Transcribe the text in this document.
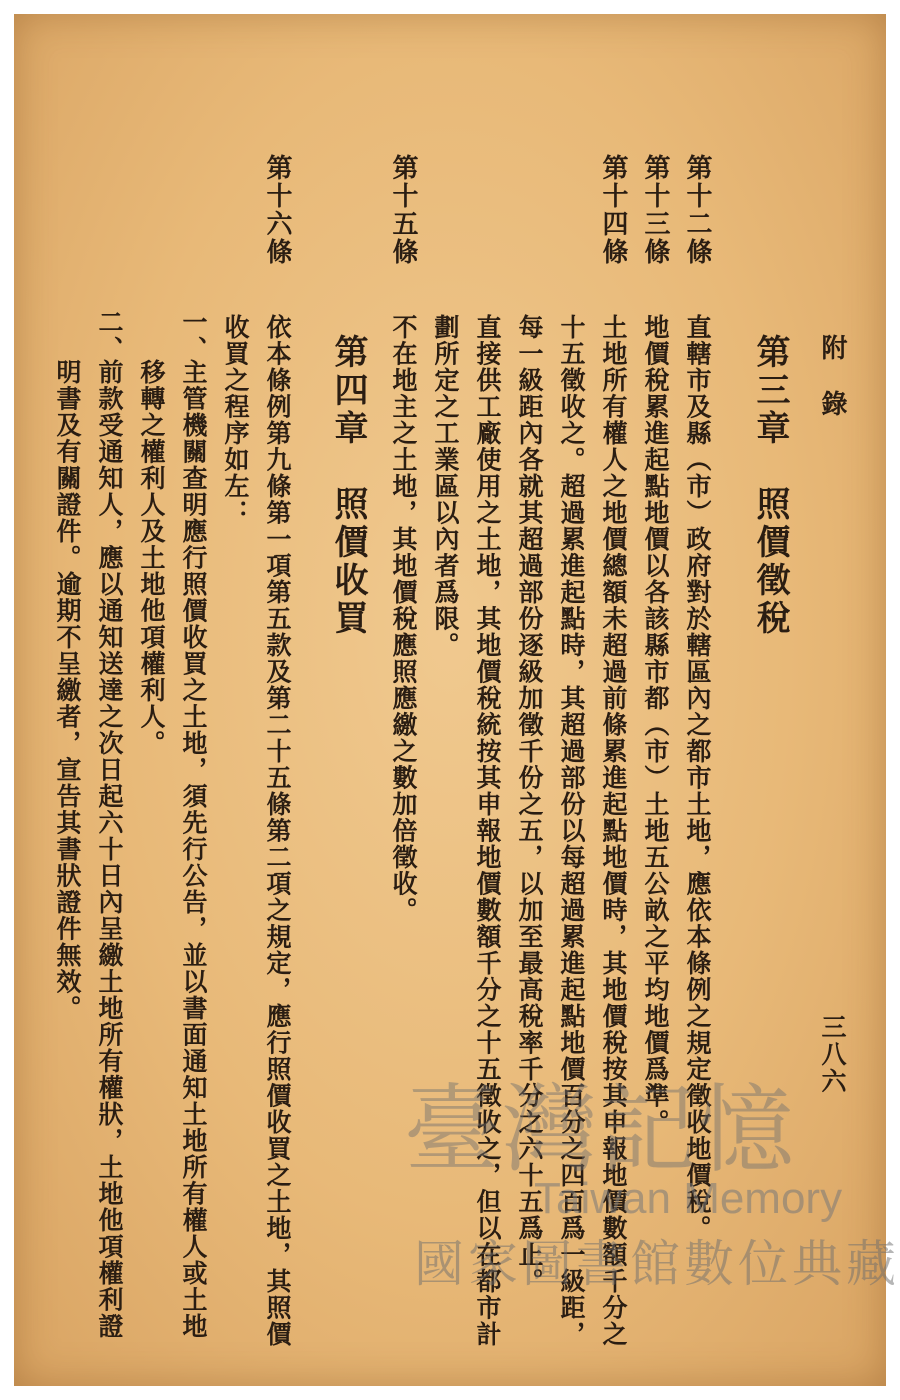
附　錄
三八六
第三章　照價徵稅
第十二條
直轄市及縣（市）政府對於轄區內之都市土地，應依本條例之規定徵收地價稅。
第十三條
地價稅累進起點地價以各該縣市都（市）土地五公畝之平均地價爲準。
第十四條
土地所有權人之地價總額未超過前條累進起點地價時，其地價稅按其申報地價數額千分之
十五徵收之。超過累進起點時，其超過部份以每超過累進起點地價百分之四百爲一級距，
每一級距內各就其超過部份逐級加徵千份之五，以加至最高稅率千分之六十五爲止。
直接供工廠使用之土地，其地價稅統按其申報地價數額千分之十五徵收之，但以在都市計
劃所定之工業區以內者爲限。
第十五條
不在地主之土地，其地價稅應照應繳之數加倍徵收。
第四章　照價收買
第十六條
依本條例第九條第一項第五款及第二十五條第二項之規定，應行照價收買之土地，其照價
收買之程序如左：
一、
主管機關查明應行照價收買之土地，須先行公告，並以書面通知土地所有權人或土地
移轉之權利人及土地他項權利人。
二、
前款受通知人，應以通知送達之次日起六十日內呈繳土地所有權狀，土地他項權利證
明書及有關證件。逾期不呈繳者，宣告其書狀證件無效。
臺灣記憶
Taiwan Memory
國家圖書館數位典藏
